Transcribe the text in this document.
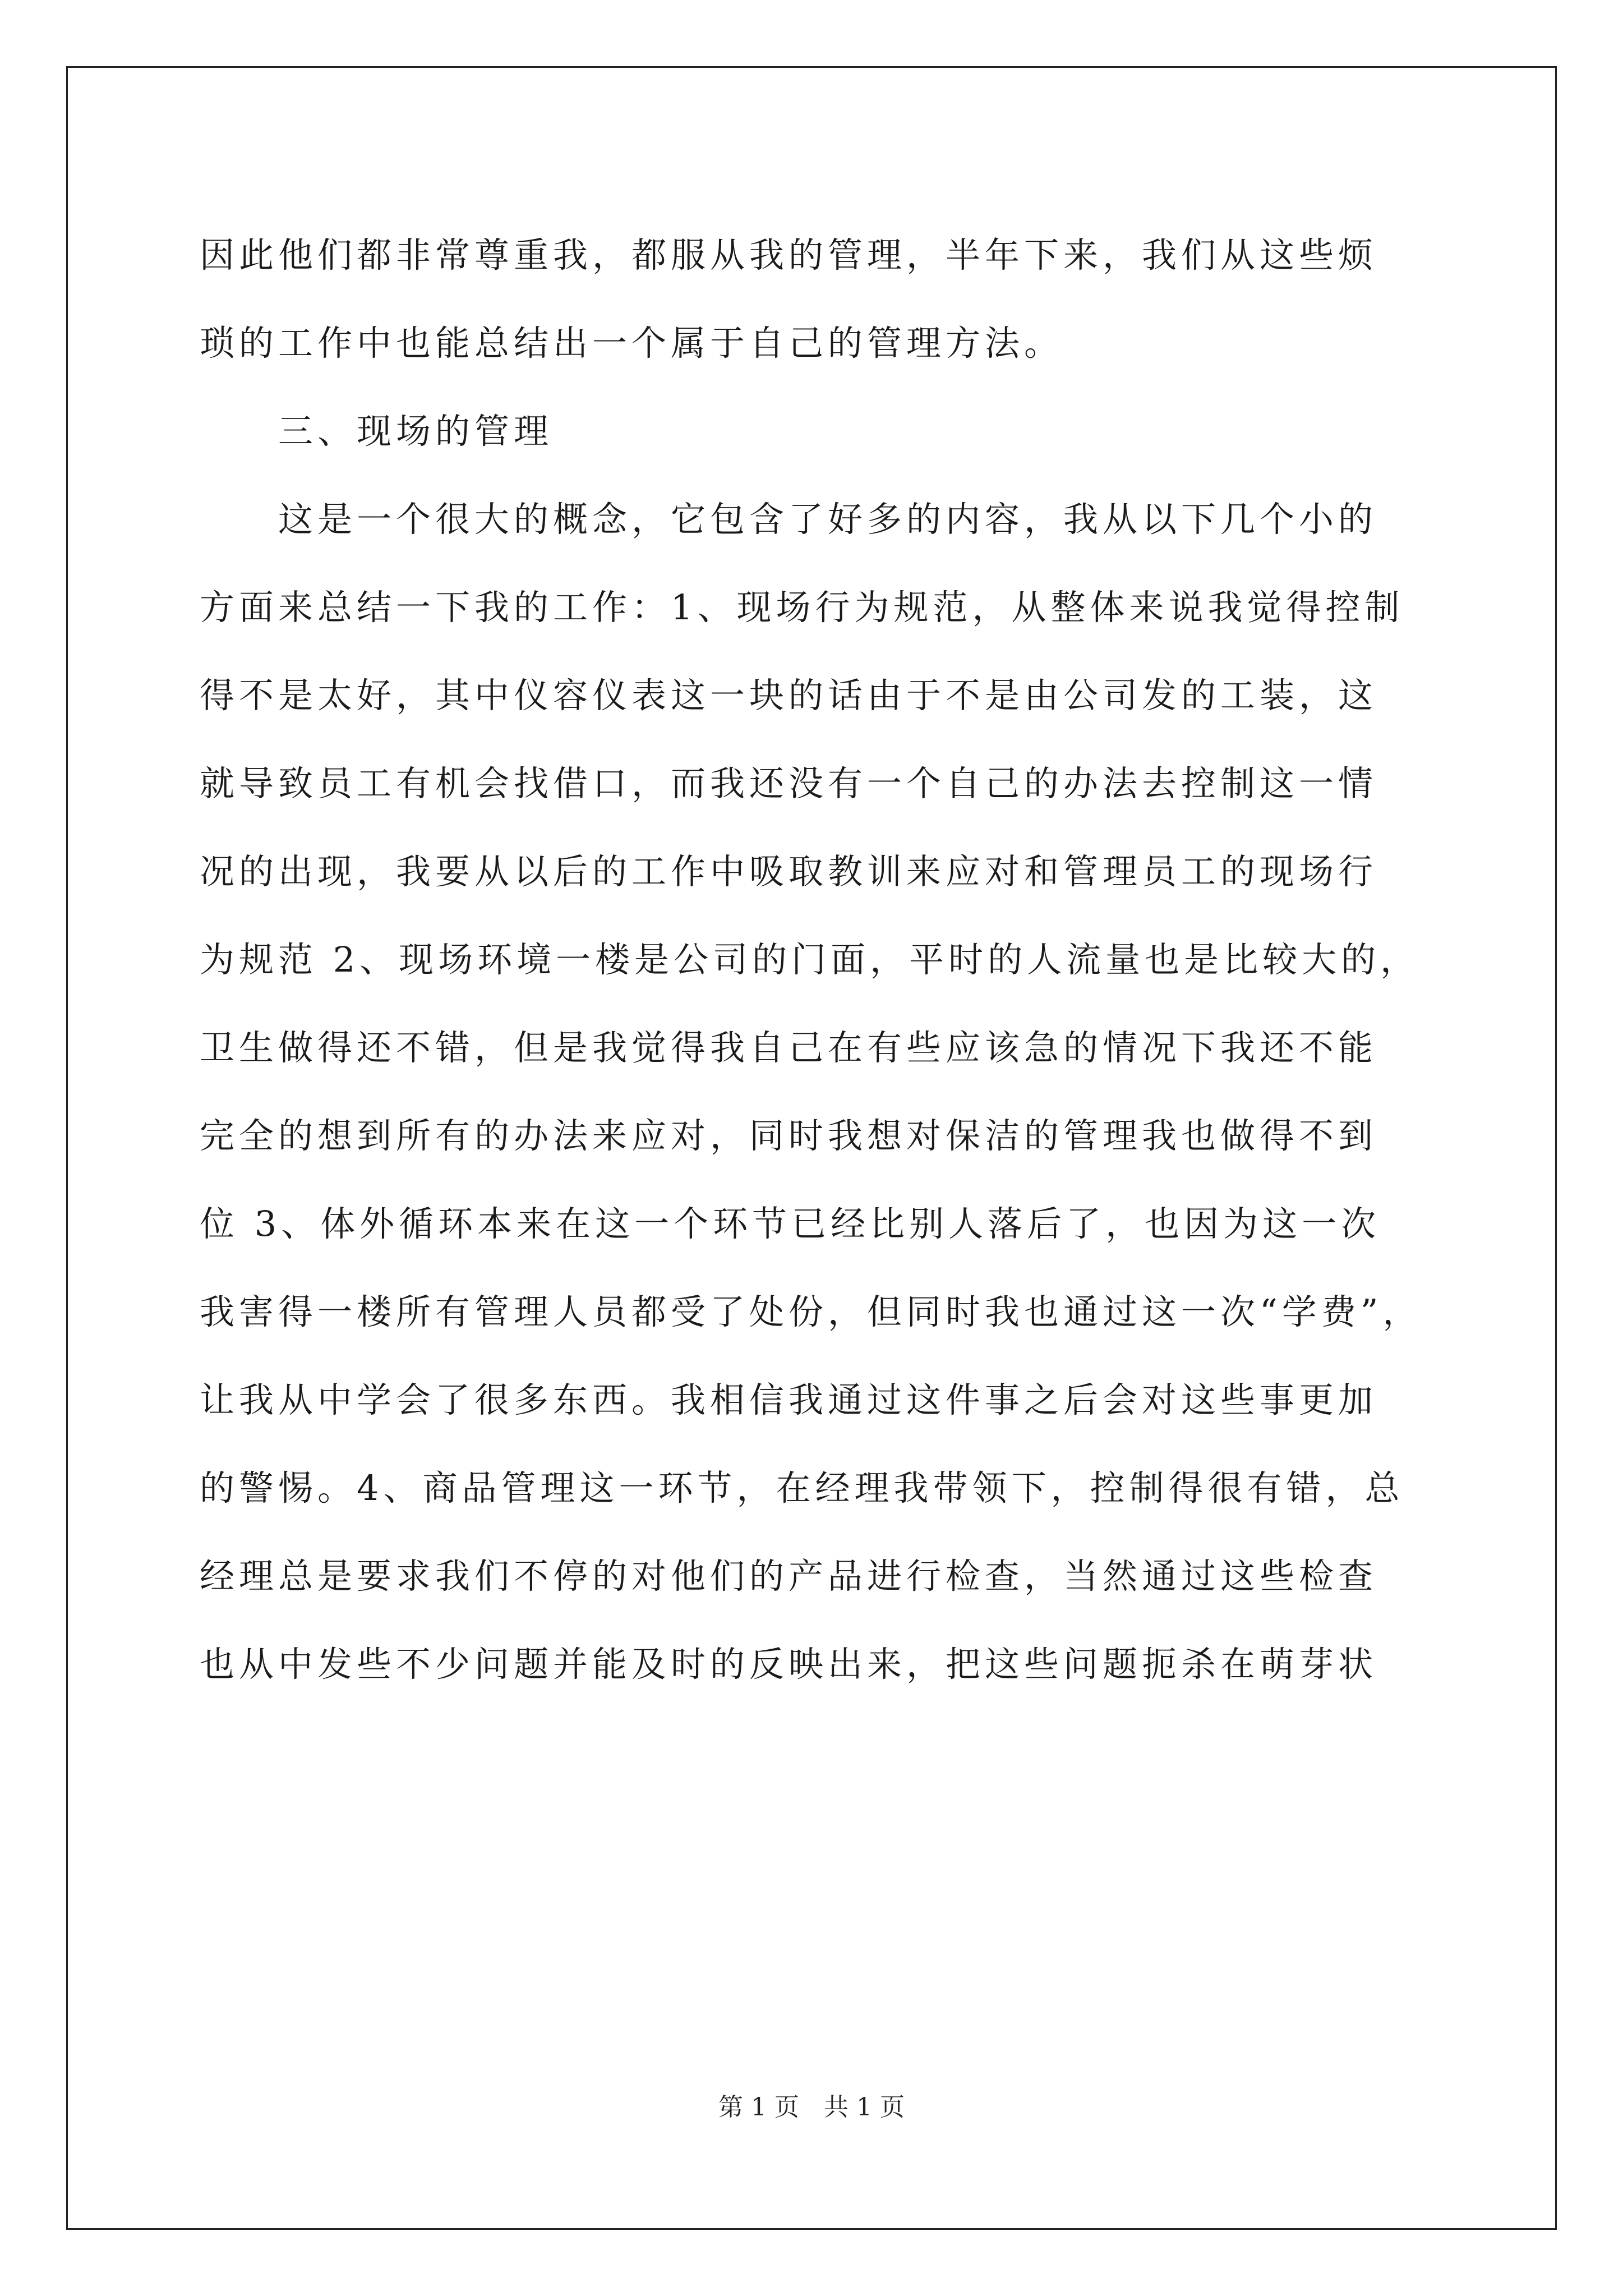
因此他们都非常尊重我，都服从我的管理，半年下来，我们从这些烦
琐的工作中也能总结出一个属于自己的管理方法。
三、现场的管理
这是一个很大的概念，它包含了好多的内容，我从以下几个小的
方面来总结一下我的工作：1、现场行为规范，从整体来说我觉得控制
得不是太好，其中仪容仪表这一块的话由于不是由公司发的工装，这
就导致员工有机会找借口，而我还没有一个自己的办法去控制这一情
况的出现，我要从以后的工作中吸取教训来应对和管理员工的现场行
为规范 2、现场环境一楼是公司的门面，平时的人流量也是比较大的，
卫生做得还不错，但是我觉得我自己在有些应该急的情况下我还不能
完全的想到所有的办法来应对，同时我想对保洁的管理我也做得不到
位 3、体外循环本来在这一个环节已经比别人落后了，也因为这一次
我害得一楼所有管理人员都受了处份，但同时我也通过这一次“学费”，
让我从中学会了很多东西。我相信我通过这件事之后会对这些事更加
的警惕。4、商品管理这一环节，在经理我带领下，控制得很有错，总
经理总是要求我们不停的对他们的产品进行检查，当然通过这些检查
也从中发些不少问题并能及时的反映出来，把这些问题扼杀在萌芽状
第 1 页　共 1 页
